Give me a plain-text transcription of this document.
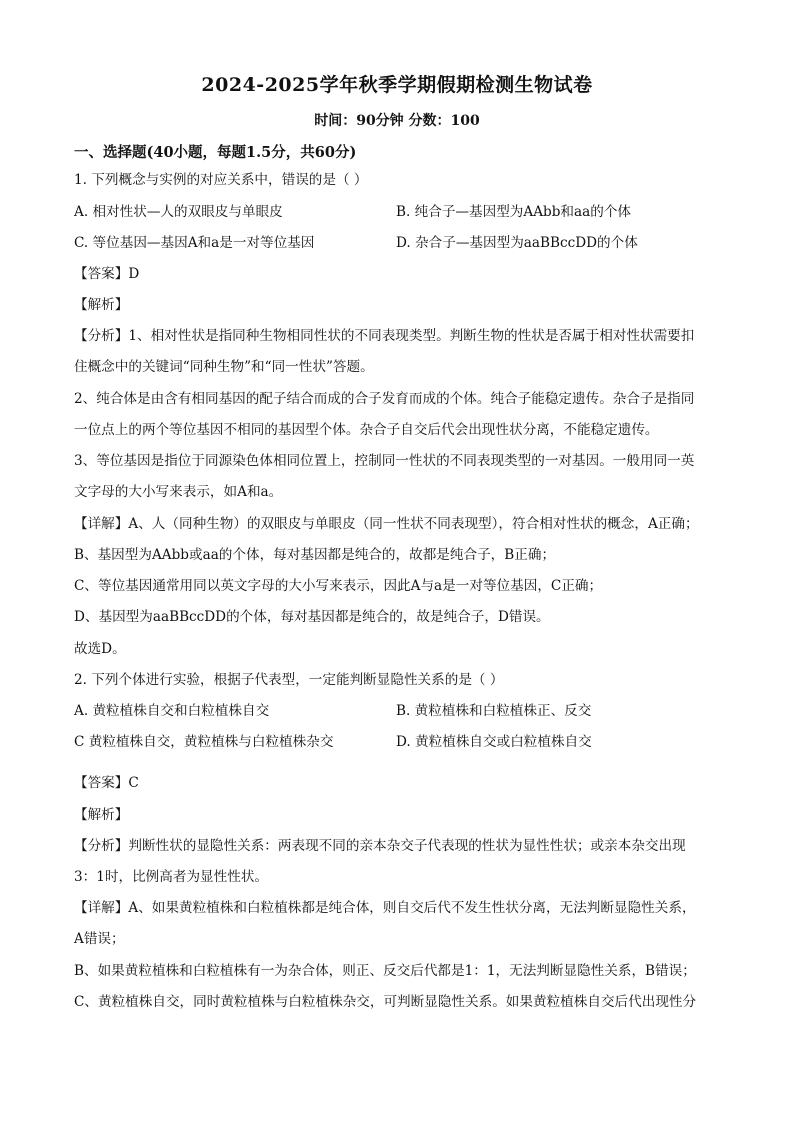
2024-2025学年秋季学期假期检测生物试卷
时间：90分钟 分数：100
一、选择题(40小题，每题1.5分，共60分)
1. 下列概念与实例的对应关系中，错误的是（ ）
A. 相对性状—人的双眼皮与单眼皮	B. 纯合子—基因型为AAbb和aa的个体
C. 等位基因—基因A和a是一对等位基因	D. 杂合子—基因型为aaBBccDD的个体
【答案】D
【解析】
【分析】1、相对性状是指同种生物相同性状的不同表现类型。判断生物的性状是否属于相对性状需要扣
住概念中的关键词“同种生物”和“同一性状”答题。
2、纯合体是由含有相同基因的配子结合而成的合子发育而成的个体。纯合子能稳定遗传。杂合子是指同
一位点上的两个等位基因不相同的基因型个体。杂合子自交后代会出现性状分离，不能稳定遗传。
3、等位基因是指位于同源染色体相同位置上，控制同一性状的不同表现类型的一对基因。一般用同一英
文字母的大小写来表示，如A和a。
【详解】A、人（同种生物）的双眼皮与单眼皮（同一性状不同表现型），符合相对性状的概念，A正确；
B、基因型为AAbb或aa的个体，每对基因都是纯合的，故都是纯合子，B正确；
C、等位基因通常用同以英文字母的大小写来表示，因此A与a是一对等位基因，C正确；
D、基因型为aaBBccDD的个体，每对基因都是纯合的，故是纯合子，D错误。
故选D。
2. 下列个体进行实验，根据子代表型，一定能判断显隐性关系的是（ ）
A. 黄粒植株自交和白粒植株自交	B. 黄粒植株和白粒植株正、反交
C 黄粒植株自交，黄粒植株与白粒植株杂交	D. 黄粒植株自交或白粒植株自交
【答案】C
【解析】
【分析】判断性状的显隐性关系：两表现不同的亲本杂交子代表现的性状为显性性状；或亲本杂交出现
3：1时，比例高者为显性性状。
【详解】A、如果黄粒植株和白粒植株都是纯合体，则自交后代不发生性状分离，无法判断显隐性关系，
A错误；
B、如果黄粒植株和白粒植株有一为杂合体，则正、反交后代都是1：1，无法判断显隐性关系，B错误；
C、黄粒植株自交，同时黄粒植株与白粒植株杂交，可判断显隐性关系。如果黄粒植株自交后代出现性分
